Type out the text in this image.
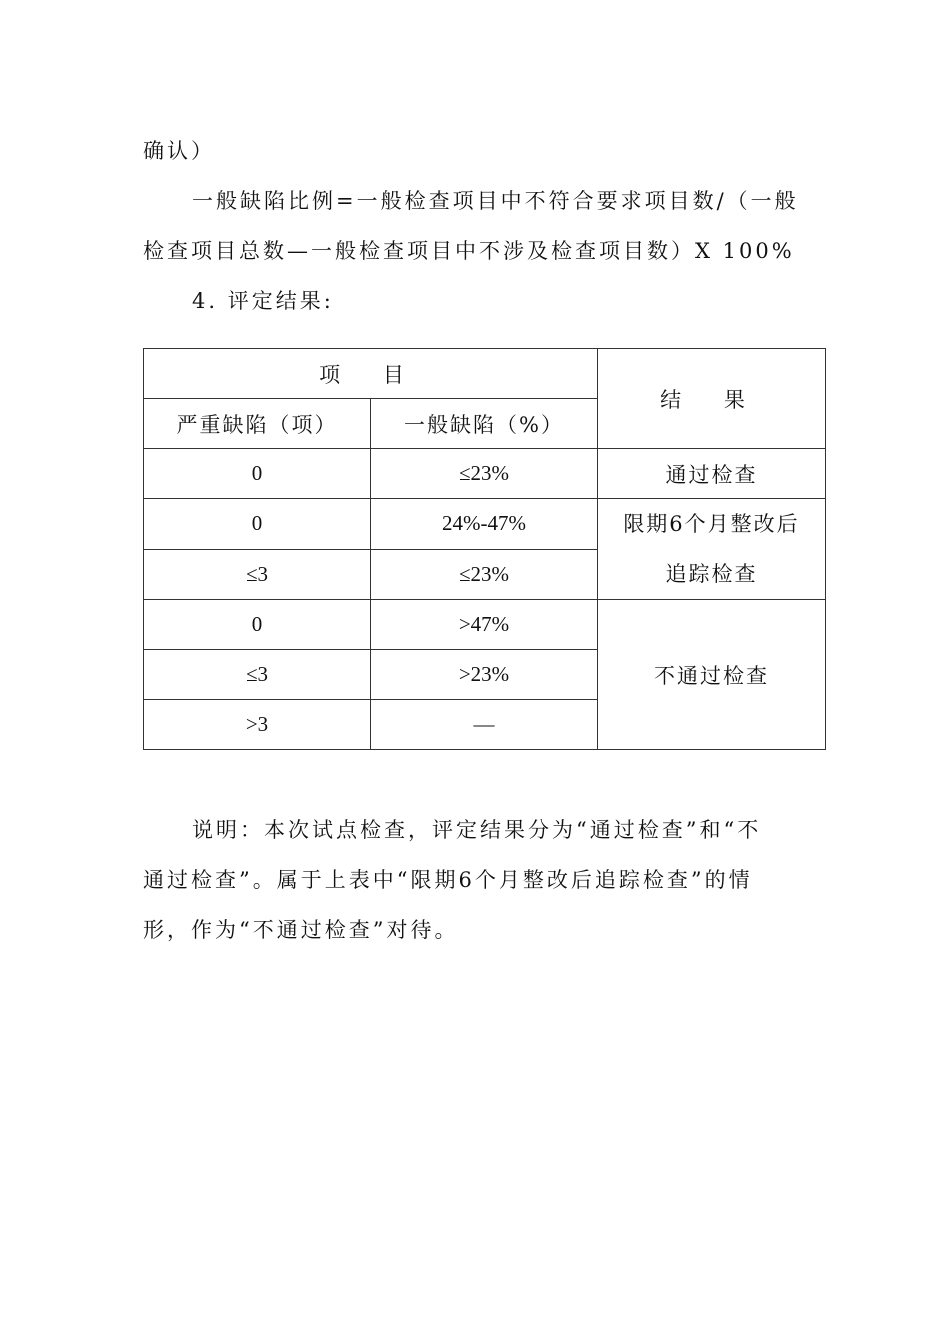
确认）
一般缺陷比例=一般检查项目中不符合要求项目数/（一般
检查项目总数—一般检查项目中不涉及检查项目数）X 100%
4. 评定结果:
项 目		结 果
严重缺陷（项）	一般缺陷（%）	
0	≤23%	通过检查
0	24%-47%	限期6个月整改后
追踪检查

≤3	≤23%	
0	>47%	不通过检查
≤3	>23%	
>3	—	
说明：本次试点检查，评定结果分为“通过检查”和“不
通过检查”。属于上表中“限期6个月整改后追踪检查”的情
形，作为“不通过检查”对待。
